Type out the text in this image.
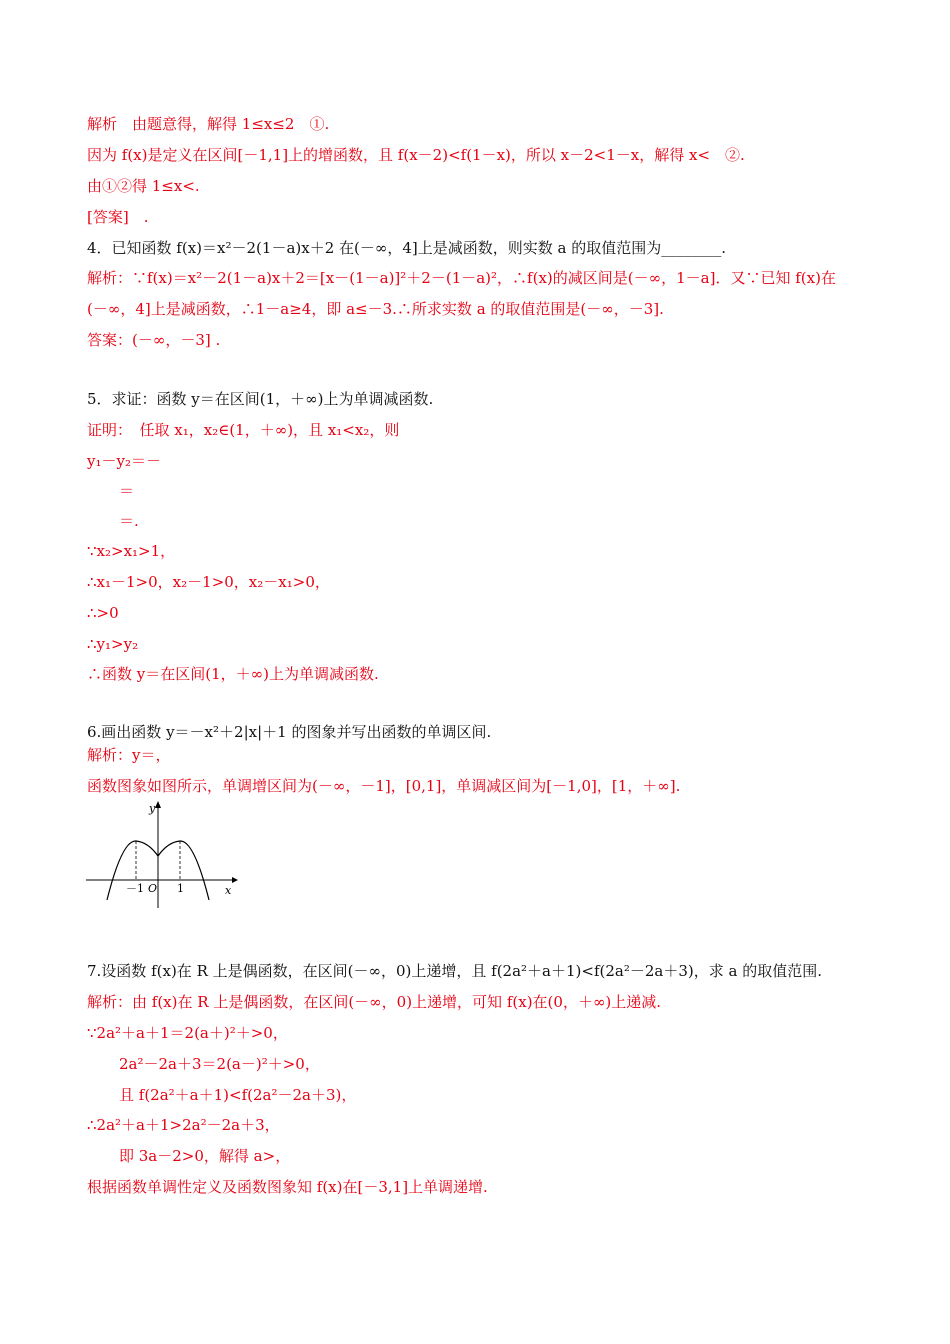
解析　由题意得，解得 1≤x≤2　①.
因为 f(x)是定义在区间[－1,1]上的增函数，且 f(x－2)<f(1－x)，所以 x－2<1－x，解得 x<　②.
由①②得 1≤x<.
[答案]　.
4．已知函数 f(x)＝x²－2(1－a)x＋2 在(－∞，4]上是减函数，则实数 a 的取值范围为________.
解析：∵f(x)＝x²－2(1－a)x＋2＝[x－(1－a)]²＋2－(1－a)²，∴f(x)的减区间是(－∞，1－a]．又∵已知 f(x)在
(－∞，4]上是减函数，∴1－a≥4，即 a≤－3.∴所求实数 a 的取值范围是(－∞，－3].
答案：(－∞，－3] .
5．求证：函数 y＝在区间(1，＋∞)上为单调减函数.
证明：　任取 x₁，x₂∈(1，＋∞)，且 x₁<x₂，则
y₁－y₂＝－
＝
＝.
∵x₂>x₁>1，
∴x₁－1>0，x₂－1>0，x₂－x₁>0，
∴>0
∴y₁>y₂
∴函数 y＝在区间(1，＋∞)上为单调减函数.
6.画出函数 y＝－x²＋2|x|＋1 的图象并写出函数的单调区间.
解析：y＝，
函数图象如图所示，单调增区间为(－∞，－1]，[0,1]，单调减区间为[－1,0]，[1，＋∞].
y
x
－1 O 1
7.设函数 f(x)在 R 上是偶函数，在区间(－∞，0)上递增，且 f(2a²＋a＋1)<f(2a²－2a＋3)，求 a 的取值范围.
解析：由 f(x)在 R 上是偶函数，在区间(－∞，0)上递增，可知 f(x)在(0，＋∞)上递减.
∵2a²＋a＋1＝2(a＋)²＋>0，
2a²－2a＋3＝2(a－)²＋>0，
且 f(2a²＋a＋1)<f(2a²－2a＋3)，
∴2a²＋a＋1>2a²－2a＋3，
即 3a－2>0，解得 a>，
根据函数单调性定义及函数图象知 f(x)在[－3,1]上单调递增.
